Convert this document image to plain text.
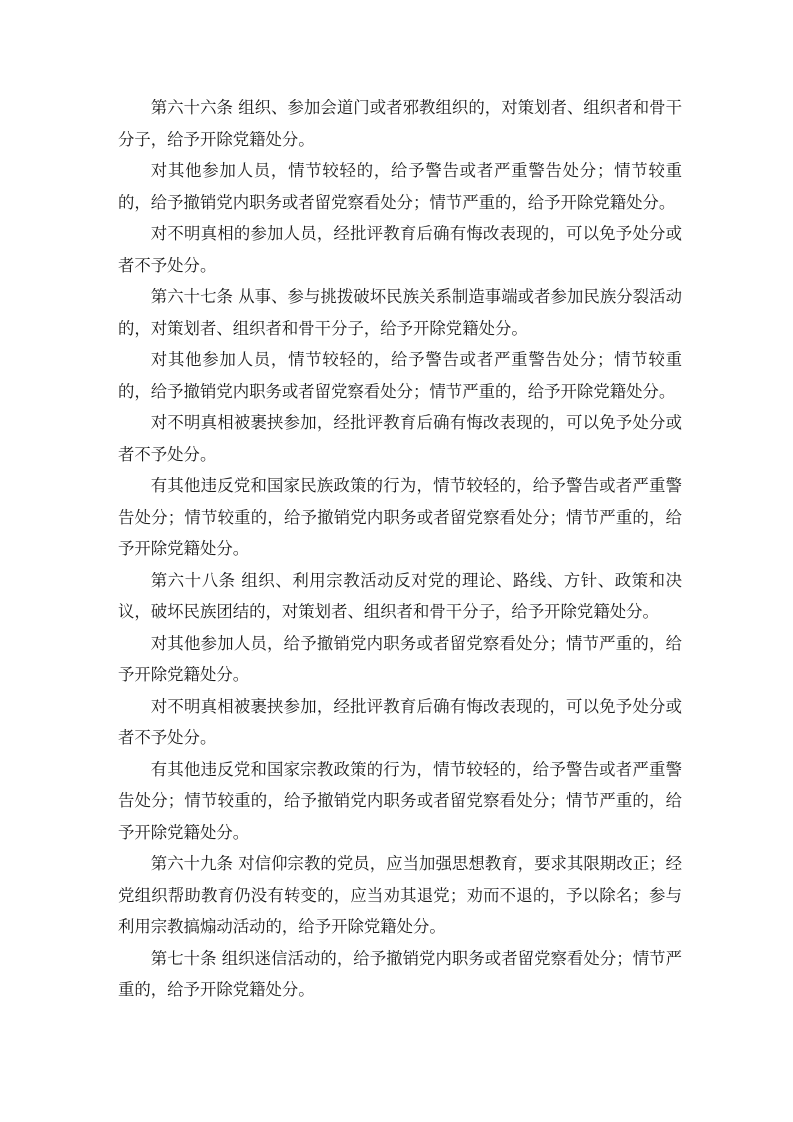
第六十六条 组织、参加会道门或者邪教组织的，对策划者、组织者和骨干分子，给予开除党籍处分。

对其他参加人员，情节较轻的，给予警告或者严重警告处分；情节较重的，给予撤销党内职务或者留党察看处分；情节严重的，给予开除党籍处分。

对不明真相的参加人员，经批评教育后确有悔改表现的，可以免予处分或者不予处分。

第六十七条 从事、参与挑拨破坏民族关系制造事端或者参加民族分裂活动的，对策划者、组织者和骨干分子，给予开除党籍处分。

对其他参加人员，情节较轻的，给予警告或者严重警告处分；情节较重的，给予撤销党内职务或者留党察看处分；情节严重的，给予开除党籍处分。

对不明真相被裹挟参加，经批评教育后确有悔改表现的，可以免予处分或者不予处分。

有其他违反党和国家民族政策的行为，情节较轻的，给予警告或者严重警告处分；情节较重的，给予撤销党内职务或者留党察看处分；情节严重的，给予开除党籍处分。

第六十八条 组织、利用宗教活动反对党的理论、路线、方针、政策和决议，破坏民族团结的，对策划者、组织者和骨干分子，给予开除党籍处分。

对其他参加人员，给予撤销党内职务或者留党察看处分；情节严重的，给予开除党籍处分。

对不明真相被裹挟参加，经批评教育后确有悔改表现的，可以免予处分或者不予处分。

有其他违反党和国家宗教政策的行为，情节较轻的，给予警告或者严重警告处分；情节较重的，给予撤销党内职务或者留党察看处分；情节严重的，给予开除党籍处分。

第六十九条 对信仰宗教的党员，应当加强思想教育，要求其限期改正；经党组织帮助教育仍没有转变的，应当劝其退党；劝而不退的，予以除名；参与利用宗教搞煽动活动的，给予开除党籍处分。

第七十条 组织迷信活动的，给予撤销党内职务或者留党察看处分；情节严重的，给予开除党籍处分。
